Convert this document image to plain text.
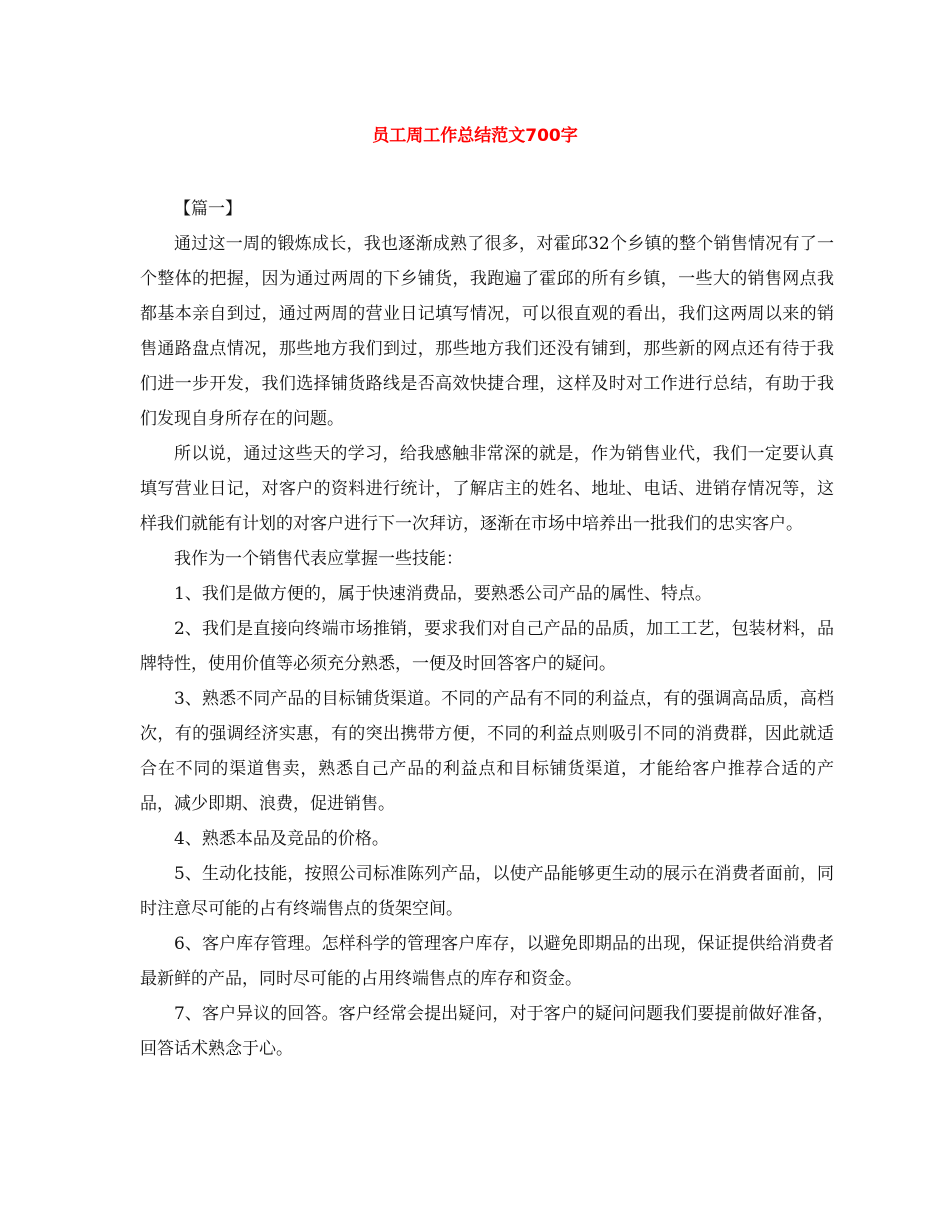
员工周工作总结范文700字
【篇一】

通过这一周的锻炼成长，我也逐渐成熟了很多，对霍邱32个乡镇的整个销售情况有了一个整体的把握，因为通过两周的下乡铺货，我跑遍了霍邱的所有乡镇，一些大的销售网点我都基本亲自到过，通过两周的营业日记填写情况，可以很直观的看出，我们这两周以来的销售通路盘点情况，那些地方我们到过，那些地方我们还没有铺到，那些新的网点还有待于我们进一步开发，我们选择铺货路线是否高效快捷合理，这样及时对工作进行总结，有助于我们发现自身所存在的问题。

所以说，通过这些天的学习，给我感触非常深的就是，作为销售业代，我们一定要认真填写营业日记，对客户的资料进行统计，了解店主的姓名、地址、电话、进销存情况等，这样我们就能有计划的对客户进行下一次拜访，逐渐在市场中培养出一批我们的忠实客户。

我作为一个销售代表应掌握一些技能：

1、我们是做方便的，属于快速消费品，要熟悉公司产品的属性、特点。

2、我们是直接向终端市场推销，要求我们对自己产品的品质，加工工艺，包装材料，品牌特性，使用价值等必须充分熟悉，一便及时回答客户的疑问。

3、熟悉不同产品的目标铺货渠道。不同的产品有不同的利益点，有的强调高品质，高档次，有的强调经济实惠，有的突出携带方便，不同的利益点则吸引不同的消费群，因此就适合在不同的渠道售卖，熟悉自己产品的利益点和目标铺货渠道，才能给客户推荐合适的产品，减少即期、浪费，促进销售。

4、熟悉本品及竞品的价格。

5、生动化技能，按照公司标准陈列产品，以使产品能够更生动的展示在消费者面前，同时注意尽可能的占有终端售点的货架空间。

6、客户库存管理。怎样科学的管理客户库存，以避免即期品的出现，保证提供给消费者最新鲜的产品，同时尽可能的占用终端售点的库存和资金。

7、客户异议的回答。客户经常会提出疑问，对于客户的疑问问题我们要提前做好准备，回答话术熟念于心。
